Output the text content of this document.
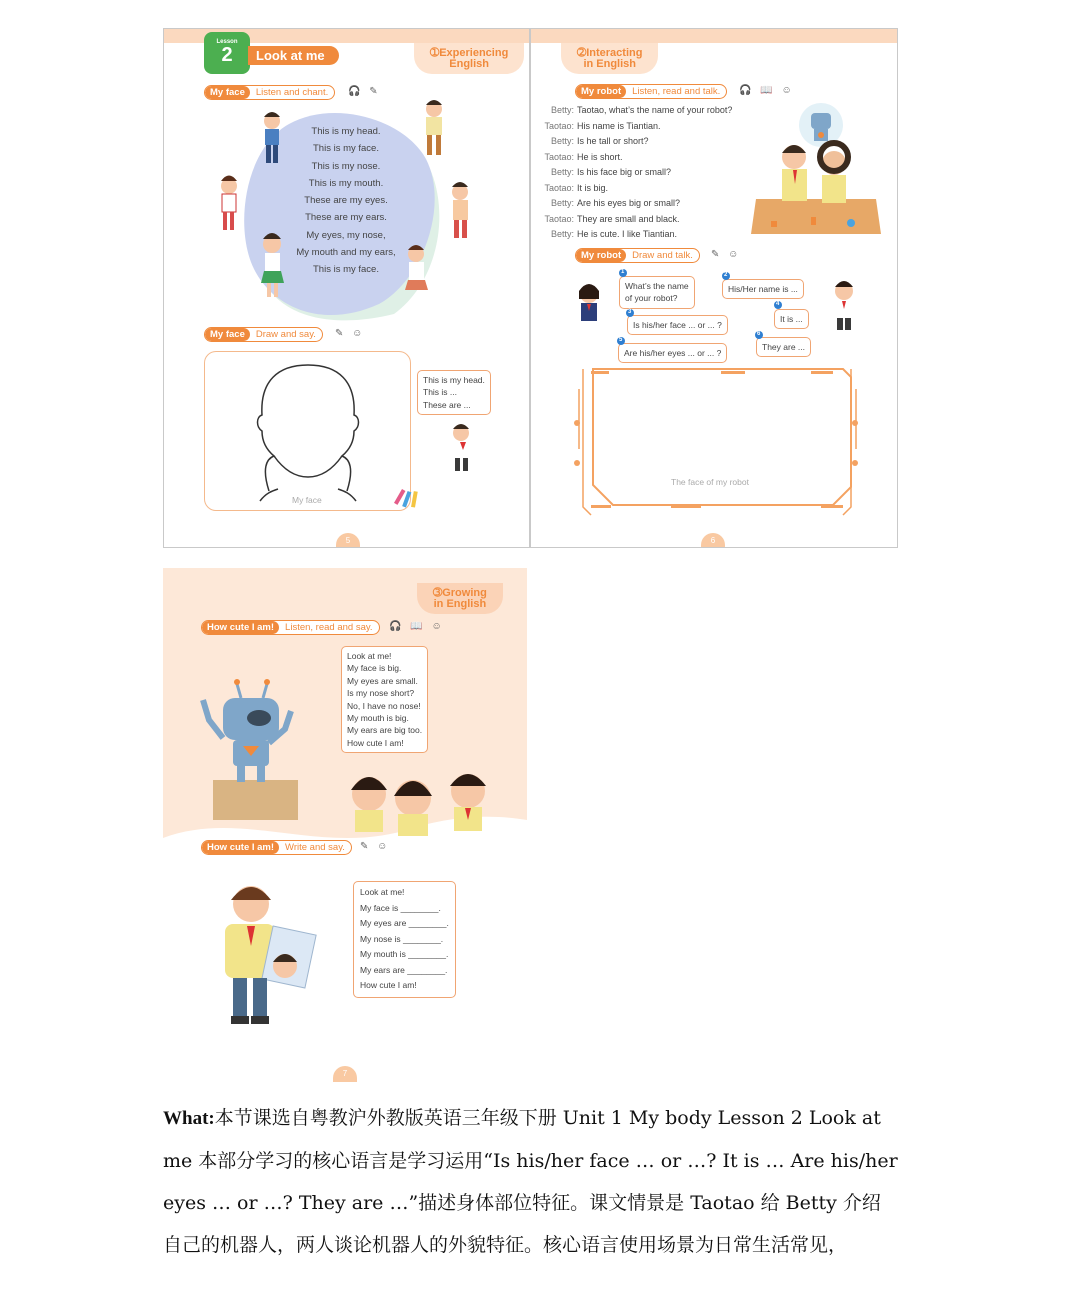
Lesson
2	Look at me	➀Experiencing
English
My face	Listen and chant.	🎧 ✎
This is my head.
This is my face.
This is my nose.
This is my mouth.
These are my eyes.
These are my ears.
My eyes, my nose,
My mouth and my ears,
This is my face.
My face	Draw and say.	✎ ☺
My face
This is my head.
This is ...
These are ...
5
➁Interacting
in English
My robot	Listen, read and talk.	🎧 📖 ☺
Betty: Taotao, what’s the name of your robot?
Taotao: His name is Tiantian.
Betty: Is he tall or short?
Taotao: He is short.
Betty: Is his face big or small?
Taotao: It is big.
Betty: Are his eyes big or small?
Taotao: They are small and black.
Betty: He is cute. I like Tiantian.
My robot	Draw and talk.	✎ ☺
What’s the name
of your robot?
His/Her name is ...
Is his/her face ... or ... ?
It is ...
Are his/her eyes ... or ... ?
They are ...
1	2
3
4
5
6
The face of my robot
6
➂Growing
in English
How cute I am!	Listen, read and say.	🎧 📖 ☺
Look at me!
My face is big.
My eyes are small.
Is my nose short?
No, I have no nose!
My mouth is big.
My ears are big too.
How cute I am!
How cute I am!	Write and say.	✎ ☺
Look at me!
My face is ________.
My eyes are ________.
My nose is ________.
My mouth is ________.
My ears are ________.
How cute I am!
7
What:本节课选自粤教沪外教版英语三年级下册 Unit 1 My body Lesson 2 Look at
me 本部分学习的核心语言是学习运用“Is his/her face … or …? It is … Are his/her
eyes … or …? They are …”描述身体部位特征。课文情景是 Taotao 给 Betty 介绍
自己的机器人，两人谈论机器人的外貌特征。核心语言使用场景为日常生活常见，
